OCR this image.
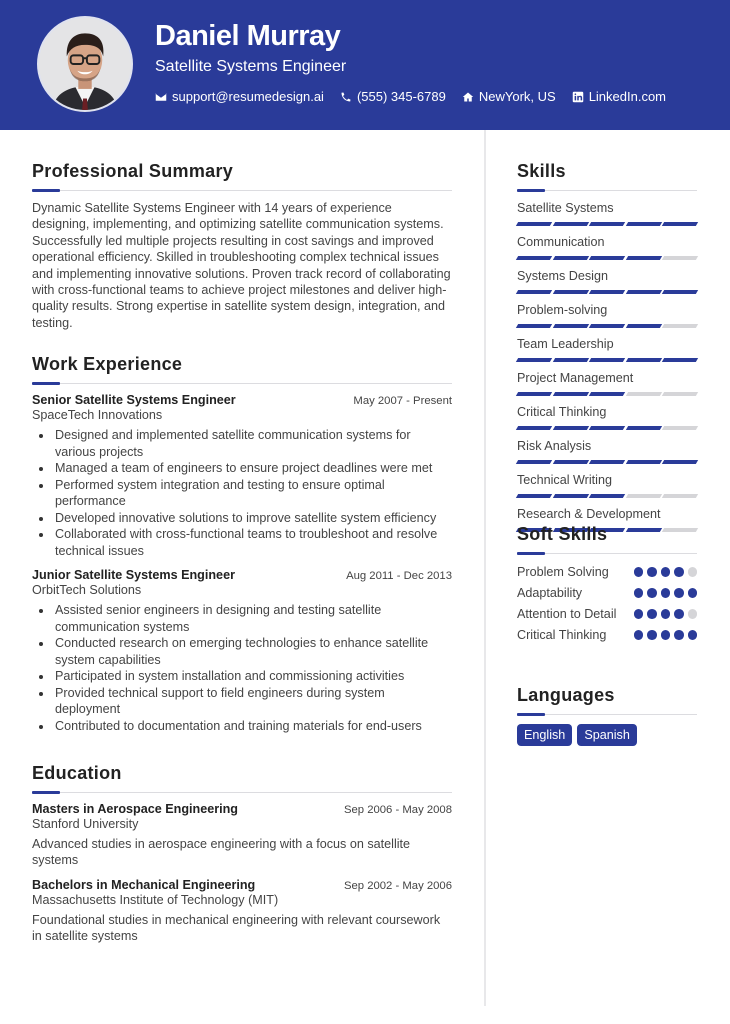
Daniel Murray
Satellite Systems Engineer
support@resumedesign.ai	(555) 345-6789	NewYork, US	LinkedIn.com
Professional Summary

Dynamic Satellite Systems Engineer with 14 years of experience designing, implementing, and optimizing satellite communication systems. Successfully led multiple projects resulting in cost savings and improved operational efficiency. Skilled in troubleshooting complex technical issues and implementing innovative solutions. Proven track record of collaborating with cross-functional teams to achieve project milestones and deliver high-quality results. Strong expertise in satellite system design, integration, and testing.

Work Experience
Senior Satellite Systems Engineer	May 2007 - Present
SpaceTech Innovations
Designed and implemented satellite communication systems for various projects
Managed a team of engineers to ensure project deadlines were met
Performed system integration and testing to ensure optimal performance
Developed innovative solutions to improve satellite system efficiency
Collaborated with cross-functional teams to troubleshoot and resolve technical issues
Junior Satellite Systems Engineer	Aug 2011 - Dec 2013
OrbitTech Solutions
Assisted senior engineers in designing and testing satellite communication systems
Conducted research on emerging technologies to enhance satellite system capabilities
Participated in system installation and commissioning activities
Provided technical support to field engineers during system deployment
Contributed to documentation and training materials for end-users
Education
Masters in Aerospace Engineering	Sep 2006 - May 2008
Stanford University

Advanced studies in aerospace engineering with a focus on satellite systems

Bachelors in Mechanical Engineering	Sep 2002 - May 2006
Massachusetts Institute of Technology (MIT)

Foundational studies in mechanical engineering with relevant coursework in satellite systems

Skills
Satellite Systems
Communication
Systems Design
Problem-solving
Team Leadership
Project Management
Critical Thinking
Risk Analysis
Technical Writing
Research & Development
Soft Skills
Problem Solving
Adaptability
Attention to Detail
Critical Thinking
Languages
English	Spanish
